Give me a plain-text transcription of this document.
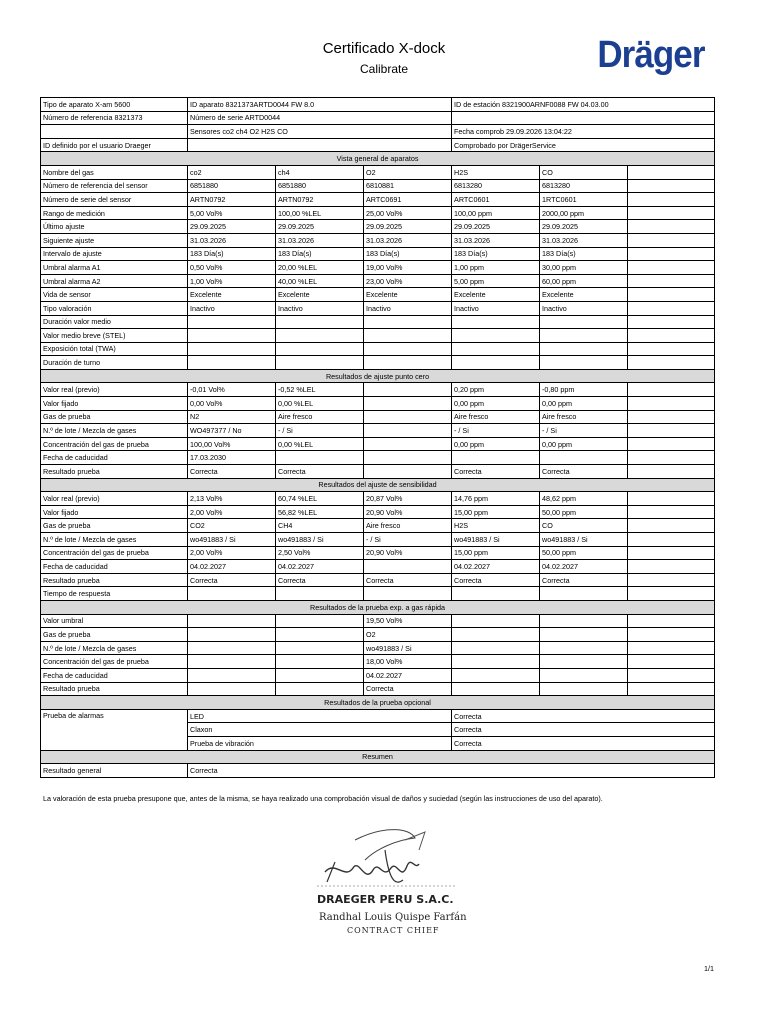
Certificado X-dock
Calibrate	Dräger
Tipo de aparato X-am 5600	ID aparato 8321373ARTD0044 FW 8.0			ID de estación 8321900ARNF0088 FW 04.03.00		
Número de referencia 8321373	Número de serie ARTD0044					
	Sensores co2 ch4 O2 H2S CO			Fecha comprob 29.09.2026 13:04:22		
ID definido por el usuario Draeger				Comprobado por DrägerService		
Vista general de aparatos						
Nombre del gas	co2	ch4	O2	H2S	CO	
Número de referencia del sensor	6851880	6851880	6810881	6813280	6813280	
Número de serie del sensor	ARTN0792	ARTN0792	ARTC0691	ARTC0601	1RTC0601	
Rango de medición	5,00 Vol%	100,00 %LEL	25,00 Vol%	100,00 ppm	2000,00 ppm	
Último ajuste	29.09.2025	29.09.2025	29.09.2025	29.09.2025	29.09.2025	
Siguiente ajuste	31.03.2026	31.03.2026	31.03.2026	31.03.2026	31.03.2026	
Intervalo de ajuste	183 Día(s)	183 Día(s)	183 Día(s)	183 Día(s)	183 Día(s)	
Umbral alarma A1	0,50 Vol%	20,00 %LEL	19,00 Vol%	1,00 ppm	30,00 ppm	
Umbral alarma A2	1,00 Vol%	40,00 %LEL	23,00 Vol%	5,00 ppm	60,00 ppm	
Vida de sensor	Excelente	Excelente	Excelente	Excelente	Excelente	
Tipo valoración	Inactivo	Inactivo	Inactivo	Inactivo	Inactivo	
Duración valor medio						
Valor medio breve (STEL)						
Exposición total (TWA)						
Duración de turno						
Resultados de ajuste punto cero						
Valor real (previo)	-0,01 Vol%	-0,52 %LEL		0,20 ppm	-0,80 ppm	
Valor fijado	0,00 Vol%	0,00 %LEL		0,00 ppm	0,00 ppm	
Gas de prueba	N2	Aire fresco		Aire fresco	Aire fresco	
N.º de lote / Mezcla de gases	WO497377 / No	- / Si		- / Si	- / Si	
Concentración del gas de prueba	100,00 Vol%	0,00 %LEL		0,00 ppm	0,00 ppm	
Fecha de caducidad	17.03.2030					
Resultado prueba	Correcta	Correcta		Correcta	Correcta	
Resultados del ajuste de sensibilidad						
Valor real (previo)	2,13 Vol%	60,74 %LEL	20,87 Vol%	14,76 ppm	48,62 ppm	
Valor fijado	2,00 Vol%	56,82 %LEL	20,90 Vol%	15,00 ppm	50,00 ppm	
Gas de prueba	CO2	CH4	Aire fresco	H2S	CO	
N.º de lote / Mezcla de gases	wo491883 / Si	wo491883 / Si	- / Si	wo491883 / Si	wo491883 / Si	
Concentración del gas de prueba	2,00 Vol%	2,50 Vol%	20,90 Vol%	15,00 ppm	50,00 ppm	
Fecha de caducidad	04.02.2027	04.02.2027		04.02.2027	04.02.2027	
Resultado prueba	Correcta	Correcta	Correcta	Correcta	Correcta	
Tiempo de respuesta						
Resultados de la prueba exp. a gas rápida						
Valor umbral			19,50 Vol%			
Gas de prueba			O2			
N.º de lote / Mezcla de gases			wo491883 / Si			
Concentración del gas de prueba			18,00 Vol%			
Fecha de caducidad			04.02.2027			
Resultado prueba			Correcta			
Resultados de la prueba opcional						
Prueba de alarmas	LED			Correcta		
	Claxon			Correcta		
	Prueba de vibración			Correcta		
Resumen						
Resultado general	Correcta					
La valoración de esta prueba presupone que, antes de la misma, se haya realizado una comprobación visual de daños y suciedad (según las instrucciones de uso del aparato).
DRAEGER PERU S.A.C.
Randhal Louis Quispe Farfán
CONTRACT CHIEF
1/1
